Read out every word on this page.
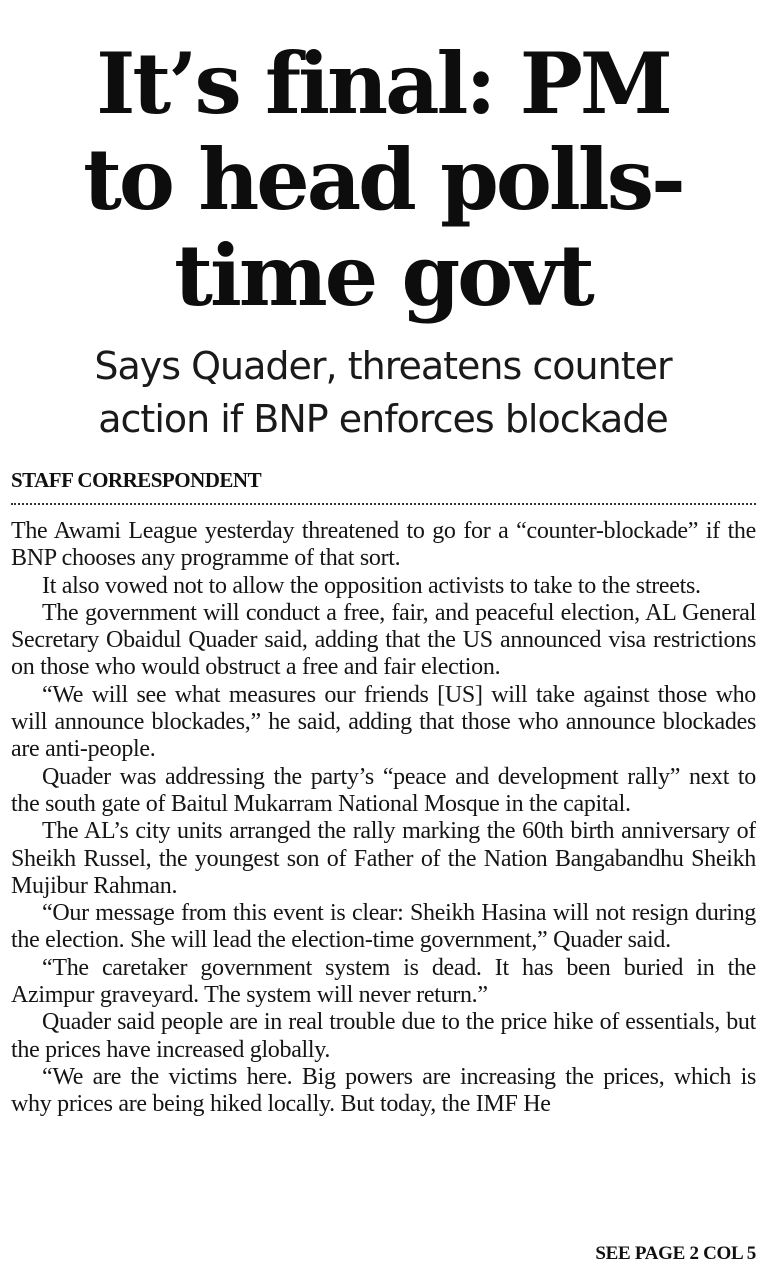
It’s final: PM
to head polls-
time govt
Says Quader, threatens counter
action if BNP enforces blockade
STAFF CORRESPONDENT

The Awami League yesterday threatened to go for a “counter-blockade” if the BNP chooses any programme of that sort.

It also vowed not to allow the opposition activists to take to the streets.

The government will conduct a free, fair, and peaceful election, AL General Secretary Obaidul Quader said, adding that the US announced visa restrictions on those who would obstruct a free and fair election.

“We will see what measures our friends [US] will take against those who will announce blockades,” he said, adding that those who announce blockades are anti-people.

Quader was addressing the party’s “peace and development rally” next to the south gate of Baitul Mukarram National Mosque in the capital.

The AL’s city units arranged the rally marking the 60th birth anniversary of Sheikh Russel, the youngest son of Father of the Nation Bangabandhu Sheikh Mujibur Rahman.

“Our message from this event is clear: Sheikh Hasina will not resign during the election. She will lead the election-time government,” Quader said.

“The caretaker government system is dead. It has been buried in the Azimpur graveyard. The system will never return.”

Quader said people are in real trouble due to the price hike of essentials, but the prices have increased globally.

“We are the victims here. Big powers are increasing the prices, which is why prices are being hiked locally. But today, the IMF He

SEE PAGE 2 COL 5
